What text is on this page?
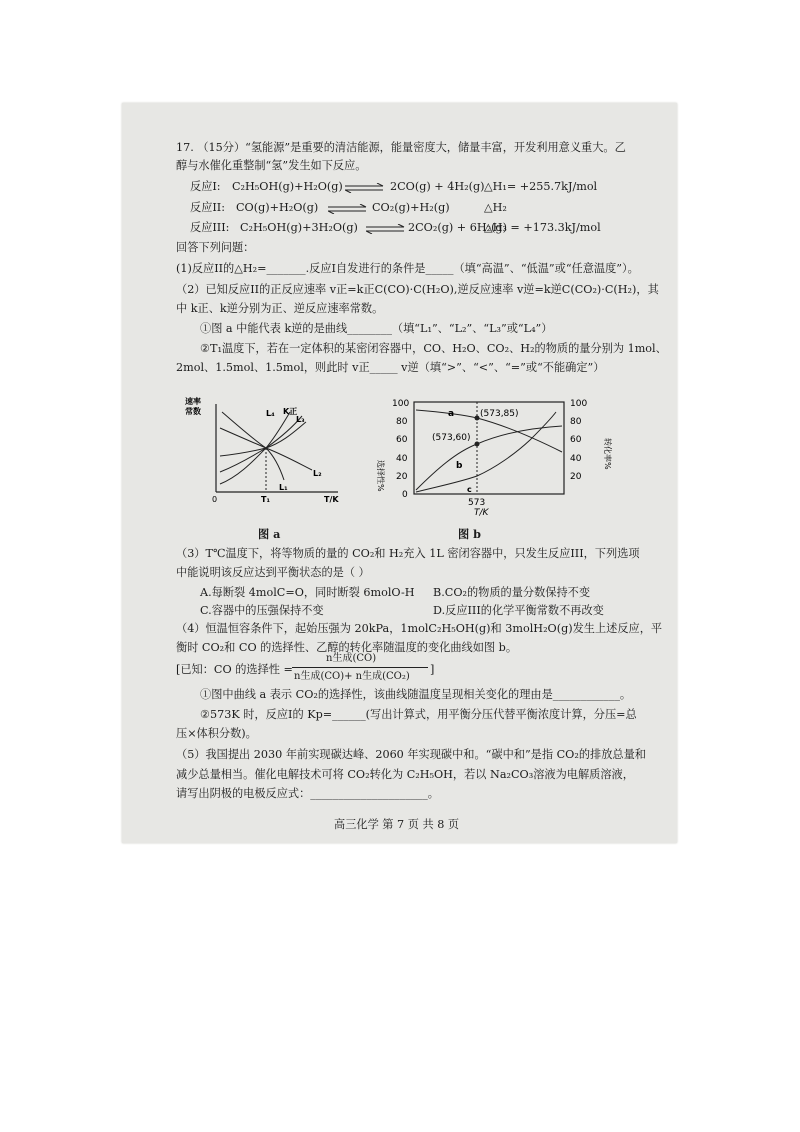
17. （15分）“氢能源”是重要的清洁能源，能量密度大，储量丰富，开发利用意义重大。乙
醇与水催化重整制“氢”发生如下反应。
反应I: C₂H₅OH(g)+H₂O(g) ⇌ 2CO(g) + 4H₂(g) △H₁= +255.7kJ/mol
反应II: CO(g)+H₂O(g) ⇌ CO₂(g)+H₂(g)	△H₂
反应III: C₂H₅OH(g)+3H₂O(g) ⇌ 2CO₂(g) + 6H₂(g)
△H₃ = +173.3kJ/mol
回答下列问题：
(1)反应II的△H₂=_______.反应I自发进行的条件是_____（填“高温”、“低温”或“任意温度”）。
（2）已知反应II的正反应速率 v正=k正C(CO)·C(H₂O),逆反应速率 v逆=k逆C(CO₂)·C(H₂)，其
中 k正、k逆分别为正、逆反应速率常数。
①图 a 中能代表 k逆的是曲线________（填“L₁”、“L₂”、“L₃”或“L₄”）
②T₁温度下，若在一定体积的某密闭容器中，CO、H₂O、CO₂、H₂的物质的量分别为 1mol、
2mol、1.5mol、1.5mol，则此时 v正_____ v逆（填“>”、“<”、“=”或“不能确定”）
速率
常数
0	T/K
T₁
L₄ K正
L₃
L₂
L₁
图 a
选择性%
转化率%
100
80
60
40
20
0
100
80
60
40
20
(573,85)
(573,60)
a
b
c
573
T/K
图 b
（3）T℃温度下，将等物质的量的 CO₂和 H₂充入 1L 密闭容器中，只发生反应III，下列选项
中能说明该反应达到平衡状态的是（ ）
A.每断裂 4molC=O，同时断裂 6molO-H B.CO₂的物质的量分数保持不变
C.容器中的压强保持不变	D.反应III的化学平衡常数不再改变
（4）恒温恒容条件下，起始压强为 20kPa，1molC₂H₅OH(g)和 3molH₂O(g)发生上述反应，平
衡时 CO₂和 CO 的选择性、乙醇的转化率随温度的变化曲线如图 b。
[已知：CO 的选择性 =
n生成(CO)
n生成(CO)+ n生成(CO₂)
]
①图中曲线 a 表示 CO₂的选择性，该曲线随温度呈现相关变化的理由是____________。
②573K 时，反应I的 Kp=______(写出计算式，用平衡分压代替平衡浓度计算，分压=总
压×体积分数)。
（5）我国提出 2030 年前实现碳达峰、2060 年实现碳中和。“碳中和”是指 CO₂的排放总量和
减少总量相当。催化电解技术可将 CO₂转化为 C₂H₅OH，若以 Na₂CO₃溶液为电解质溶液，
请写出阴极的电极反应式：_____________________。
高三化学 第 7 页 共 8 页
